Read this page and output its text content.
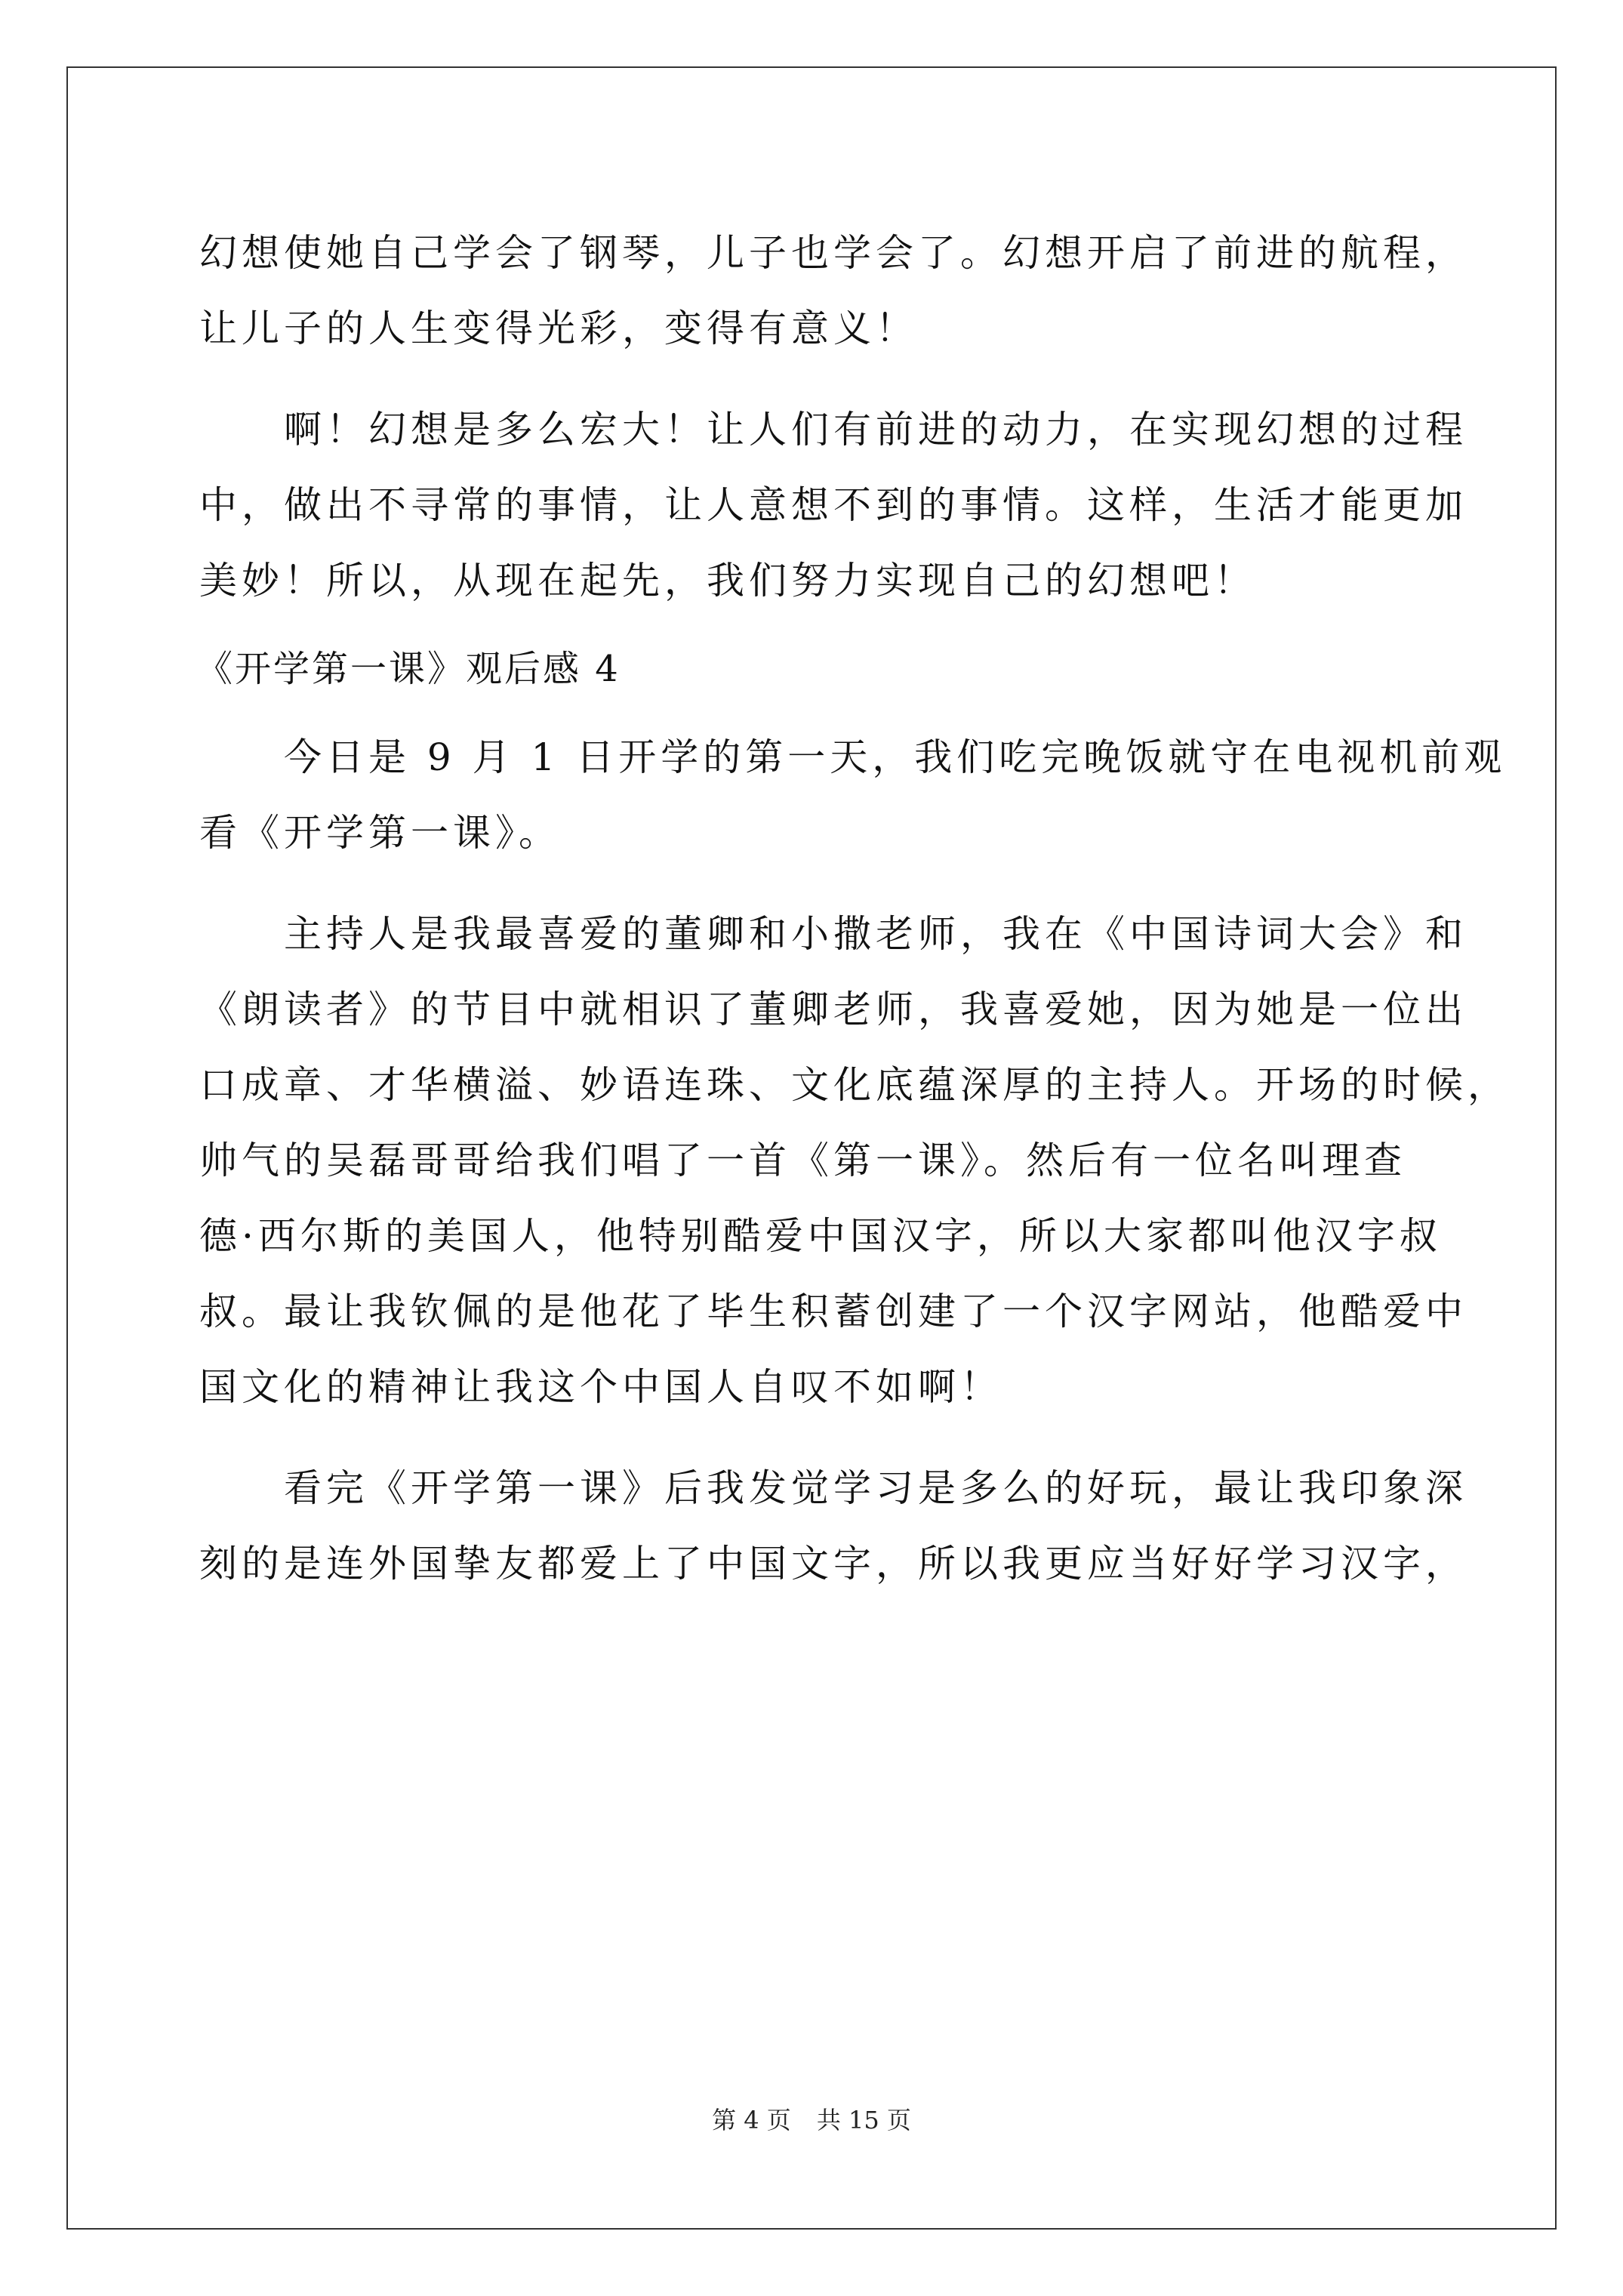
幻想使她自己学会了钢琴，儿子也学会了。幻想开启了前进的航程，
让儿子的人生变得光彩，变得有意义！
啊！幻想是多么宏大！让人们有前进的动力，在实现幻想的过程
中，做出不寻常的事情，让人意想不到的事情。这样，生活才能更加
美妙！所以，从现在起先，我们努力实现自己的幻想吧！
《开学第一课》观后感 4
今日是 9 月 1 日开学的第一天，我们吃完晚饭就守在电视机前观
看《开学第一课》。
主持人是我最喜爱的董卿和小撒老师，我在《中国诗词大会》和
《朗读者》的节目中就相识了董卿老师，我喜爱她，因为她是一位出
口成章、才华横溢、妙语连珠、文化底蕴深厚的主持人。开场的时候，
帅气的吴磊哥哥给我们唱了一首《第一课》。然后有一位名叫理查
德·西尔斯的美国人，他特别酷爱中国汉字，所以大家都叫他汉字叔
叔。最让我钦佩的是他花了毕生积蓄创建了一个汉字网站，他酷爱中
国文化的精神让我这个中国人自叹不如啊！
看完《开学第一课》后我发觉学习是多么的好玩，最让我印象深
刻的是连外国挚友都爱上了中国文字，所以我更应当好好学习汉字，
第 4 页 共 15 页
